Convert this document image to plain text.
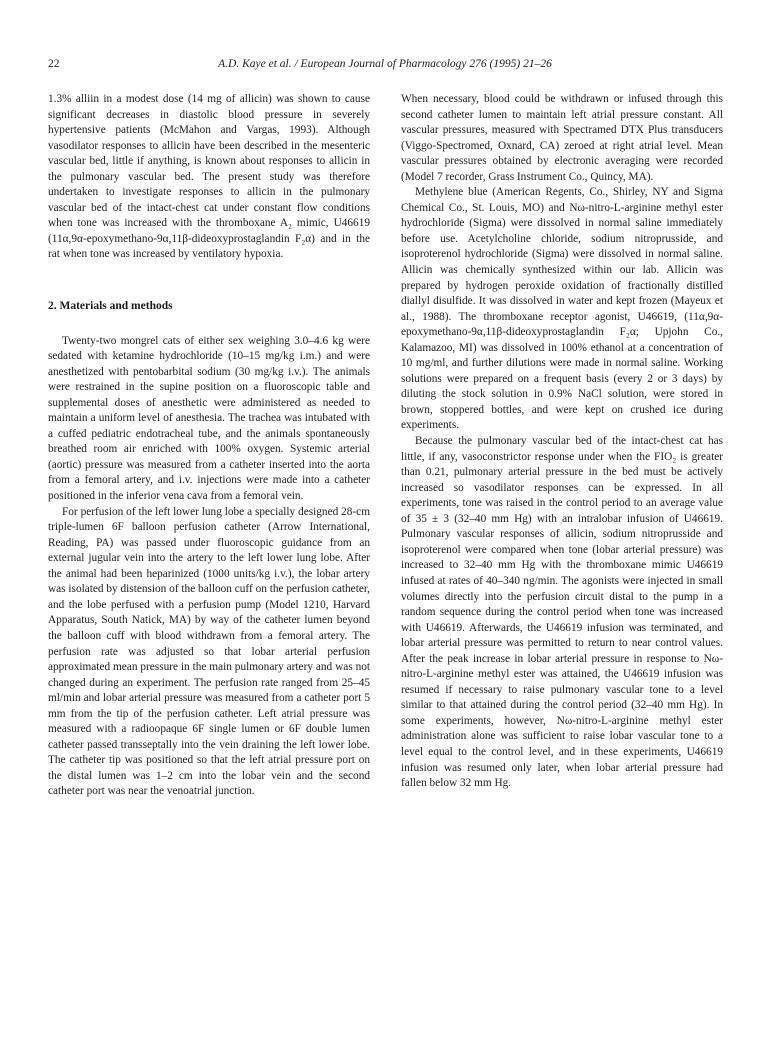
22	A.D. Kaye et al. / European Journal of Pharmacology 276 (1995) 21–26

1.3% alliin in a modest dose (14 mg of allicin) was shown to cause significant decreases in diastolic blood pressure in severely hypertensive patients (McMahon and Vargas, 1993). Although vasodilator responses to allicin have been described in the mesenteric vascular bed, little if anything, is known about responses to allicin in the pulmonary vascular bed. The present study was therefore undertaken to investigate responses to allicin in the pulmonary vascular bed of the intact-chest cat under constant flow conditions when tone was increased with the thromboxane A₂ mimic, U46619 (11α,9α-epoxymethano-9α,11β-dideoxyprostaglandin F₂α) and in the rat when tone was increased by ventilatory hypoxia.

2. Materials and methods

Twenty-two mongrel cats of either sex weighing 3.0–4.6 kg were sedated with ketamine hydrochloride (10–15 mg/kg i.m.) and were anesthetized with pentobarbital sodium (30 mg/kg i.v.). The animals were restrained in the supine position on a fluoroscopic table and supplemental doses of anesthetic were administered as needed to maintain a uniform level of anesthesia. The trachea was intubated with a cuffed pediatric endotracheal tube, and the animals spontaneously breathed room air enriched with 100% oxygen. Systemic arterial (aortic) pressure was measured from a catheter inserted into the aorta from a femoral artery, and i.v. injections were made into a catheter positioned in the inferior vena cava from a femoral vein.

For perfusion of the left lower lung lobe a specially designed 28-cm triple-lumen 6F balloon perfusion catheter (Arrow International, Reading, PA) was passed under fluoroscopic guidance from an external jugular vein into the artery to the left lower lung lobe. After the animal had been heparinized (1000 units/kg i.v.), the lobar artery was isolated by distension of the balloon cuff on the perfusion catheter, and the lobe perfused with a perfusion pump (Model 1210, Harvard Apparatus, South Natick, MA) by way of the catheter lumen beyond the balloon cuff with blood withdrawn from a femoral artery. The perfusion rate was adjusted so that lobar arterial perfusion approximated mean pressure in the main pulmonary artery and was not changed during an experiment. The perfusion rate ranged from 25–45 ml/min and lobar arterial pressure was measured from a catheter port 5 mm from the tip of the perfusion catheter. Left atrial pressure was measured with a radioopaque 6F single lumen or 6F double lumen catheter passed transseptally into the vein draining the left lower lobe. The catheter tip was positioned so that the left atrial pressure port on the distal lumen was 1–2 cm into the lobar vein and the second catheter port was near the venoatrial junction.

When necessary, blood could be withdrawn or infused through this second catheter lumen to maintain left atrial pressure constant. All vascular pressures, measured with Spectramed DTX Plus transducers (Viggo-Spectromed, Oxnard, CA) zeroed at right atrial level. Mean vascular pressures obtained by electronic averaging were recorded (Model 7 recorder, Grass Instrument Co., Quincy, MA).

Methylene blue (American Regents, Co., Shirley, NY and Sigma Chemical Co., St. Louis, MO) and Nω-nitro-L-arginine methyl ester hydrochloride (Sigma) were dissolved in normal saline immediately before use. Acetylcholine chloride, sodium nitroprusside, and isoproterenol hydrochloride (Sigma) were dissolved in normal saline. Allicin was chemically synthesized within our lab. Allicin was prepared by hydrogen peroxide oxidation of fractionally distilled diallyl disulfide. It was dissolved in water and kept frozen (Mayeux et al., 1988). The thromboxane receptor agonist, U46619, (11α,9α-epoxymethano-9α,11β-dideoxyprostaglandin F₂α; Upjohn Co., Kalamazoo, MI) was dissolved in 100% ethanol at a concentration of 10 mg/ml, and further dilutions were made in normal saline. Working solutions were prepared on a frequent basis (every 2 or 3 days) by diluting the stock solution in 0.9% NaCl solution, were stored in brown, stoppered bottles, and were kept on crushed ice during experiments.

Because the pulmonary vascular bed of the intact-chest cat has little, if any, vasoconstrictor response under when the FIO₂ is greater than 0.21, pulmonary arterial pressure in the bed must be actively increased so vasodilator responses can be expressed. In all experiments, tone was raised in the control period to an average value of 35 ± 3 (32–40 mm Hg) with an intralobar infusion of U46619. Pulmonary vascular responses of allicin, sodium nitroprusside and isoproterenol were compared when tone (lobar arterial pressure) was increased to 32–40 mm Hg with the thromboxane mimic U46619 infused at rates of 40–340 ng/min. The agonists were injected in small volumes directly into the perfusion circuit distal to the pump in a random sequence during the control period when tone was increased with U46619. Afterwards, the U46619 infusion was terminated, and lobar arterial pressure was permitted to return to near control values. After the peak increase in lobar arterial pressure in response to Nω-nitro-L-arginine methyl ester was attained, the U46619 infusion was resumed if necessary to raise pulmonary vascular tone to a level similar to that attained during the control period (32–40 mm Hg). In some experiments, however, Nω-nitro-L-arginine methyl ester administration alone was sufficient to raise lobar vascular tone to a level equal to the control level, and in these experiments, U46619 infusion was resumed only later, when lobar arterial pressure had fallen below 32 mm Hg.
